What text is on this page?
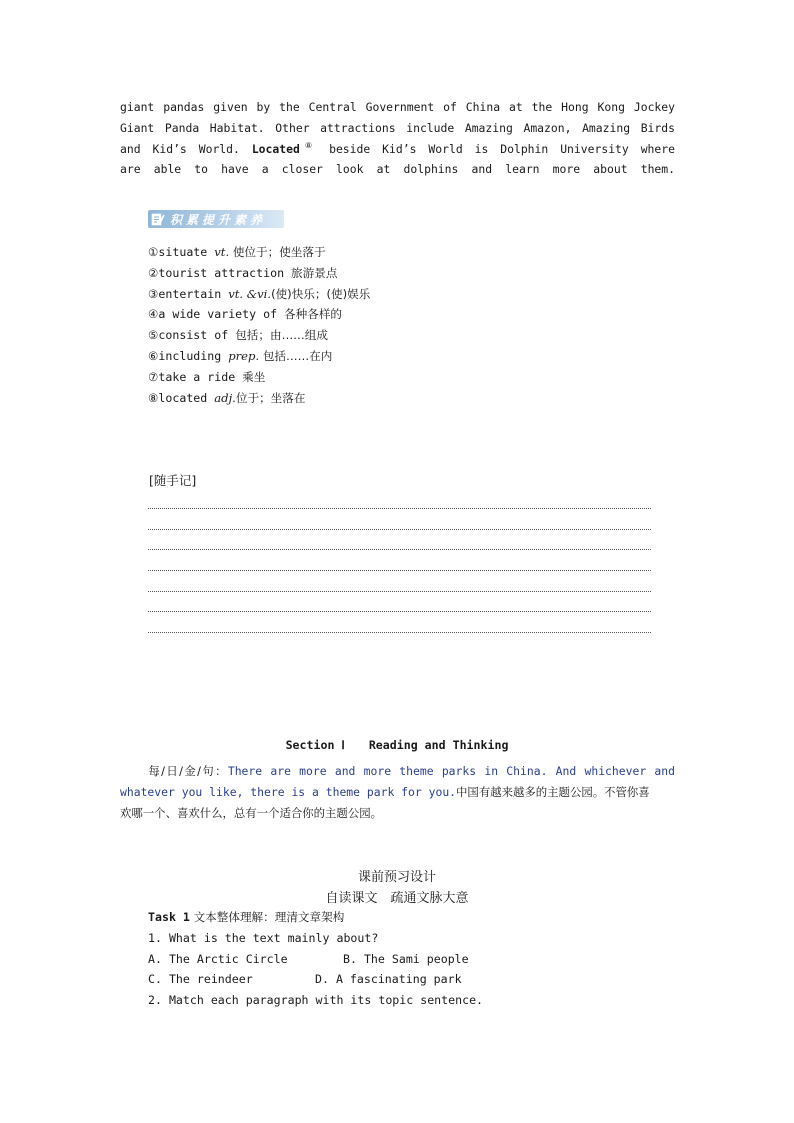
giant pandas given by the Central Government of China at the Hong Kong Jockey
Giant Panda Habitat. Other attractions include Amazing Amazon, Amazing Birds
and Kid’s World. Located⑧ beside Kid’s World is Dolphin University where
are able to have a closer look at dolphins and learn more about them.
积累提升素养
①situate vt. 使位于；使坐落于
②tourist attraction 旅游景点
③entertain vt. &vi.(使)快乐；(使)娱乐
④a wide variety of 各种各样的
⑤consist of 包括；由……组成
⑥including prep. 包括……在内
⑦take a ride 乘坐
⑧located adj.位于；坐落在
[随手记]
Section Ⅰ Reading and Thinking
每/日/金/句：There are more and more theme parks in China. And whichever and
whatever you like, there is a theme park for you.中国有越来越多的主题公园。不管你喜
欢哪一个、喜欢什么，总有一个适合你的主题公园。
课前预习设计
自读课文　疏通文脉大意
Task 1 文本整体理解：理清文章架构
1. What is the text mainly about?
A. The Arctic Circle	B. The Sami people
C. The reindeer	D. A fascinating park
2. Match each paragraph with its topic sentence.
